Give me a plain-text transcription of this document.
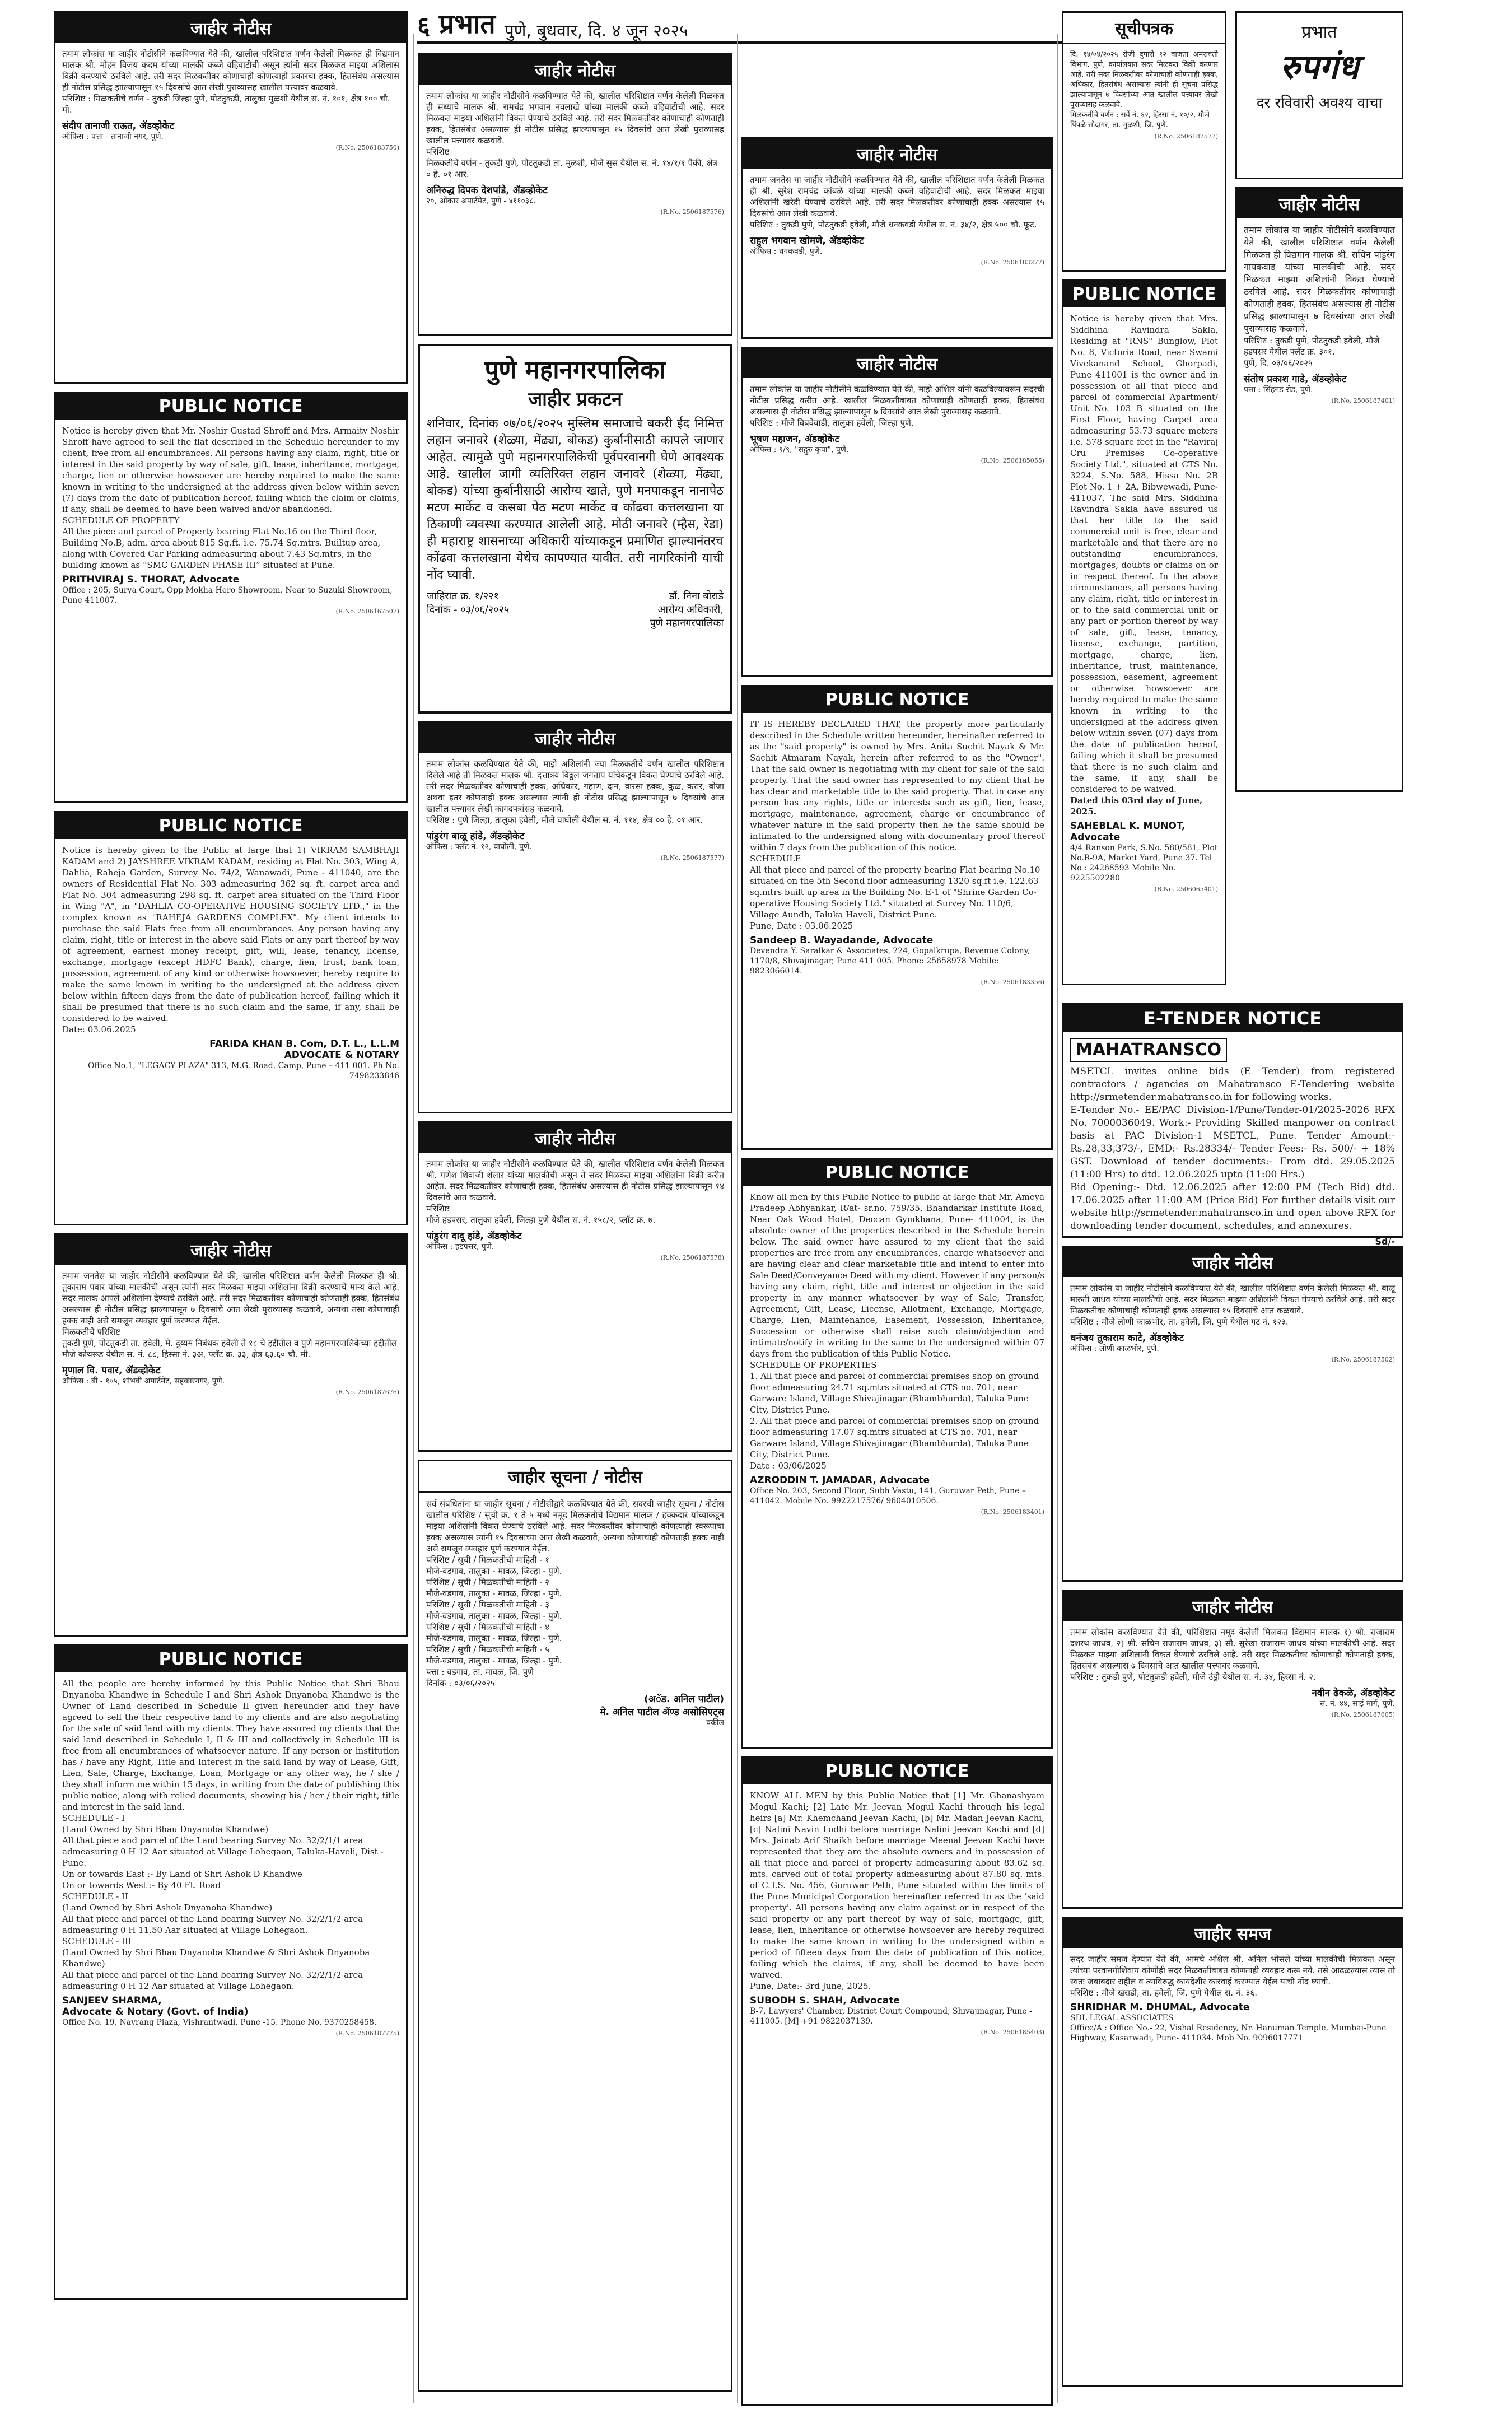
६ प्रभात पुणे, बुधवार, दि. ४ जून २०२५
जाहीर नोटीस
तमाम लोकांस या जाहीर नोटीसीने कळविण्यात येते की, खालील परिशिष्टात वर्णन केलेली मिळकत ही विद्यमान मालक श्री. मोहन विजय कदम यांच्या मालकी कब्जे वहिवाटीची असून त्यांनी सदर मिळकत माझ्या अशिलास विक्री करण्याचे ठरविले आहे. तरी सदर मिळकतीवर कोणाचाही कोणत्याही प्रकारचा हक्क, हितसंबंध असल्यास ही नोटीस प्रसिद्ध झाल्यापासून १५ दिवसांचे आत लेखी पुराव्यासह खालील पत्त्यावर कळवावे.
परिशिष्ट : मिळकतीचे वर्णन - तुकडी जिल्हा पुणे, पोटतुकडी, तालुका मुळशी येथील स. नं. १०१, क्षेत्र १०० चौ. मी.
संदीप तानाजी राऊत, ॲडव्होकेट
ऑफिस : पत्ता - तानाजी नगर, पुणे.
(R.No. 2506183750)
PUBLIC NOTICE
Notice is hereby given that Mr. Noshir Gustad Shroff and Mrs. Armaity Noshir Shroff have agreed to sell the flat described in the Schedule hereunder to my client, free from all encumbrances. All persons having any claim, right, title or interest in the said property by way of sale, gift, lease, inheritance, mortgage, charge, lien or otherwise howsoever are hereby required to make the same known in writing to the undersigned at the address given below within seven (7) days from the date of publication hereof, failing which the claim or claims, if any, shall be deemed to have been waived and/or abandoned.
SCHEDULE OF PROPERTY
All the piece and parcel of Property bearing Flat No.16 on the Third floor, Building No.B, adm. area about 815 Sq.ft. i.e. 75.74 Sq.mtrs. Builtup area, along with Covered Car Parking admeasuring about 7.43 Sq.mtrs, in the building known as “SMC GARDEN PHASE III” situated at Pune.
PRITHVIRAJ S. THORAT, Advocate
Office : 205, Surya Court, Opp Mokha Hero Showroom, Near to Suzuki Showroom, Pune 411007.
(R.No. 2506167507)
PUBLIC NOTICE
Notice is hereby given to the Public at large that 1) VIKRAM SAMBHAJI KADAM and 2) JAYSHREE VIKRAM KADAM, residing at Flat No. 303, Wing A, Dahlia, Raheja Garden, Survey No. 74/2, Wanawadi, Pune - 411040, are the owners of Residential Flat No. 303 admeasuring 362 sq. ft. carpet area and Flat No. 304 admeasuring 298 sq. ft. carpet area situated on the Third Floor in Wing "A", in "DAHLIA CO-OPERATIVE HOUSING SOCIETY LTD.," in the complex known as "RAHEJA GARDENS COMPLEX". My client intends to purchase the said Flats free from all encumbrances. Any person having any claim, right, title or interest in the above said Flats or any part thereof by way of agreement, earnest money receipt, gift, will, lease, tenancy, license, exchange, mortgage (except HDFC Bank), charge, lien, trust, bank loan, possession, agreement of any kind or otherwise howsoever, hereby require to make the same known in writing to the undersigned at the address given below within fifteen days from the date of publication hereof, failing which it shall be presumed that there is no such claim and the same, if any, shall be considered to be waived.
Date: 03.06.2025
FARIDA KHAN B. Com, D.T. L., L.L.M
ADVOCATE & NOTARY
Office No.1, "LEGACY PLAZA" 313, M.G. Road, Camp, Pune – 411 001. Ph No. 7498233846
जाहीर नोटीस
तमाम जनतेस या जाहीर नोटीसीने कळविण्यात येते की, खालील परिशिष्टात वर्णन केलेली मिळकत ही श्री. तुकाराम पवार यांच्या मालकीची असून त्यांनी सदर मिळकत माझ्या अशिलांना विक्री करण्याचे मान्य केले आहे. सदर मालक आपले अशिलांना देण्याचे ठरविले आहे. तरी सदर मिळकतीवर कोणाचाही कोणताही हक्क, हितसंबंध असल्यास ही नोटीस प्रसिद्ध झाल्यापासून ७ दिवसांचे आत लेखी पुराव्यासह कळवावे, अन्यथा तसा कोणाचाही हक्क नाही असे समजून व्यवहार पूर्ण करण्यात येईल.
मिळकतीचे परिशिष्ट
तुकडी पुणे, पोटतुकडी ता. हवेली, मे. दुय्यम निबंधक हवेली ते १८ चे हद्दीतील व पुणे महानगरपालिकेच्या हद्दीतील मौजे कोथरूड येथील स. नं. ८८, हिस्सा नं. ३अ, फ्लॅट क्र. ३३, क्षेत्र ६३.६० चौ. मी.
मृणाल वि. पवार, ॲडव्होकेट
ऑफिस : बी - १०५, शांभवी अपार्टमेंट, सहकारनगर, पुणे.
(R.No. 2506187676)
PUBLIC NOTICE
All the people are hereby informed by this Public Notice that Shri Bhau Dnyanoba Khandwe in Schedule I and Shri Ashok Dnyanoba Khandwe is the Owner of Land described in Schedule II given hereunder and they have agreed to sell the their respective land to my clients and are also negotiating for the sale of said land with my clients. They have assured my clients that the said land described in Schedule I, II & III and collectively in Schedule III is free from all encumbrances of whatsoever nature. If any person or institution has / have any Right, Title and Interest in the said land by way of Lease, Gift, Lien, Sale, Charge, Exchange, Loan, Mortgage or any other way, he / she / they shall inform me within 15 days, in writing from the date of publishing this public notice, along with relied documents, showing his / her / their right, title and interest in the said land.
SCHEDULE - I
(Land Owned by Shri Bhau Dnyanoba Khandwe)
All that piece and parcel of the Land bearing Survey No. 32/2/1/1 area admeasuring 0 H 12 Aar situated at Village Lohegaon, Taluka-Haveli, Dist - Pune.
On or towards East :- By Land of Shri Ashok D Khandwe
On or towards West :- By 40 Ft. Road
SCHEDULE - II
(Land Owned by Shri Ashok Dnyanoba Khandwe)
All that piece and parcel of the Land bearing Survey No. 32/2/1/2 area admeasuring 0 H 11.50 Aar situated at Village Lohegaon.
SCHEDULE - III
(Land Owned by Shri Bhau Dnyanoba Khandwe & Shri Ashok Dnyanoba Khandwe)
All that piece and parcel of the Land bearing Survey No. 32/2/1/2 area admeasuring 0 H 12 Aar situated at Village Lohegaon.
SANJEEV SHARMA,
Advocate & Notary (Govt. of India)
Office No. 19, Navrang Plaza, Vishrantwadi, Pune -15. Phone No. 9370258458.
(R.No. 2506187775)
जाहीर नोटीस
तमाम लोकांस या जाहीर नोटीसीने कळविण्यात येते की, खालील परिशिष्टात वर्णन केलेली मिळकत ही सध्याचे मालक श्री. रामचंद्र भगवान नवलाखे यांच्या मालकी कब्जे वहिवाटीची आहे. सदर मिळकत माझ्या अशिलांनी विकत घेण्याचे ठरविले आहे. तरी सदर मिळकतीवर कोणाचाही कोणताही हक्क, हितसंबंध असल्यास ही नोटीस प्रसिद्ध झाल्यापासून १५ दिवसांचे आत लेखी पुराव्यासह खालील पत्त्यावर कळवावे.
परिशिष्ट
मिळकतीचे वर्णन - तुकडी पुणे, पोटतुकडी ता. मुळशी, मौजे सुस येथील स. नं. १४/१/१ पैकी, क्षेत्र ० हे. ०१ आर.
अनिरुद्ध दिपक देशपांडे, ॲडव्होकेट
२०, ओंकार अपार्टमेंट, पुणे - ४११०३८.
(R.No. 2506187576)
पुणे महानगरपालिका
जाहीर प्रकटन
शनिवार, दिनांक ०७/०६/२०२५ मुस्लिम समाजाचे बकरी ईद निमित्त लहान जनावरे (शेळ्या, मेंढ्या, बोकड) कुर्बानीसाठी कापले जाणार आहेत. त्यामुळे पुणे महानगरपालिकेची पूर्वपरवानगी घेणे आवश्यक आहे. खालील जागी व्यतिरिक्त लहान जनावरे (शेळ्या, मेंढ्या, बोकड) यांच्या कुर्बानीसाठी आरोग्य खाते, पुणे मनपाकडून नानापेठ मटण मार्केट व कसबा पेठ मटण मार्केट व कोंढवा कत्तलखाना या ठिकाणी व्यवस्था करण्यात आलेली आहे. मोठी जनावरे (म्हैस, रेडा) ही महाराष्ट्र शासनाच्या अधिकारी यांच्याकडून प्रमाणित झाल्यानंतरच कोंढवा कत्तलखाना येथेच कापण्यात यावीत. तरी नागरिकांनी याची नोंद घ्यावी.
जाहिरात क्र. १/२२१
दिनांक - ०३/०६/२०२५
डॉ. निना बोराडे
आरोग्य अधिकारी,
पुणे महानगरपालिका
जाहीर नोटीस
तमाम लोकांस कळविण्यात येते की, माझे अशिलांनी ज्या मिळकतीचे वर्णन खालील परिशिष्टात दिलेले आहे ती मिळकत मालक श्री. दत्तात्रय विठ्ठल जगताप यांचेकडून विकत घेण्याचे ठरविले आहे. तरी सदर मिळकतीवर कोणाचाही हक्क, अधिकार, गहाण, दान, वारसा हक्क, कुळ, करार, बोजा अथवा इतर कोणताही हक्क असल्यास त्यांनी ही नोटीस प्रसिद्ध झाल्यापासून ७ दिवसांचे आत खालील पत्त्यावर लेखी कागदपत्रांसह कळवावे.
परिशिष्ट : पुणे जिल्हा, तालुका हवेली, मौजे वाघोली येथील स. नं. ११४, क्षेत्र ०० हे. ०१ आर.
पांडुरंग बाळू हांडे, ॲडव्होकेट
ऑफिस : फ्लॅट नं. १२, वाघोली, पुणे.
(R.No. 2506187577)
जाहीर नोटीस
तमाम लोकांस या जाहीर नोटीसीने कळविण्यात येते की, खालील परिशिष्टात वर्णन केलेली मिळकत श्री. गणेश शिवाजी शेलार यांच्या मालकीची असून ते सदर मिळकत माझ्या अशिलांना विक्री करीत आहेत. सदर मिळकतीवर कोणाचाही हक्क, हितसंबंध असल्यास ही नोटीस प्रसिद्ध झाल्यापासून १४ दिवसांचे आत कळवावे.
परिशिष्ट
मौजे हडपसर, तालुका हवेली, जिल्हा पुणे येथील स. नं. १५८/२, प्लॉट क्र. ७.
पांडुरंग दादू हांडे, ॲडव्होकेट
ऑफिस : हडपसर, पुणे.
(R.No. 2506187578)
जाहीर सूचना / नोटीस
सर्व संबंधितांना या जाहीर सूचना / नोटीसीद्वारे कळविण्यात येते की, सदरची जाहीर सूचना / नोटीस खालील परिशिष्ट / सूची क्र. १ ते ५ मध्ये नमूद मिळकतीचे विद्यमान मालक / हक्कदार यांच्याकडून माझ्या अशिलांनी विकत घेण्याचे ठरविले आहे. सदर मिळकतीवर कोणाचाही कोणत्याही स्वरूपाचा हक्क असल्यास त्यांनी १५ दिवसांच्या आत लेखी कळवावे, अन्यथा कोणाचाही कोणताही हक्क नाही असे समजून व्यवहार पूर्ण करण्यात येईल.
परिशिष्ट / सूची / मिळकतीची माहिती - १
मौजे-वडगाव, तालुका - मावळ, जिल्हा - पुणे.
परिशिष्ट / सूची / मिळकतीची माहिती - २
मौजे-वडगाव, तालुका - मावळ, जिल्हा - पुणे.
परिशिष्ट / सूची / मिळकतीची माहिती - ३
मौजे-वडगाव, तालुका - मावळ, जिल्हा - पुणे.
परिशिष्ट / सूची / मिळकतीची माहिती - ४
मौजे-वडगाव, तालुका - मावळ, जिल्हा - पुणे.
परिशिष्ट / सूची / मिळकतीची माहिती - ५
मौजे-वडगाव, तालुका - मावळ, जिल्हा - पुणे.
पत्ता : वडगाव, ता. मावळ, जि. पुणे
दिनांक : ०३/०६/२०२५
(अॅड. अनिल पाटील)
मे. अनिल पाटील ॲण्ड असोसिएट्स
वकील
जाहीर नोटीस
तमाम जनतेस या जाहीर नोटीसीने कळविण्यात येते की, खालील परिशिष्टात वर्णन केलेली मिळकत ही श्री. सुरेश रामचंद्र कांबळे यांच्या मालकी कब्जे वहिवाटीची आहे. सदर मिळकत माझ्या अशिलांनी खरेदी घेण्याचे ठरविले आहे. तरी सदर मिळकतीवर कोणाचाही हक्क असल्यास १५ दिवसांचे आत लेखी कळवावे.
परिशिष्ट : तुकडी पुणे, पोटतुकडी हवेली, मौजे धनकवडी येथील स. नं. ३४/२, क्षेत्र ५०० चौ. फूट.
राहुल भगवान खोमणे, ॲडव्होकेट
ऑफिस : धनकवडी, पुणे.
(R.No. 2506183277)
जाहीर नोटीस
तमाम लोकांस या जाहीर नोटीसीने कळविण्यात येते की, माझे अशिल यांनी कळविल्यावरून सदरची नोटीस प्रसिद्ध करीत आहे. खालील मिळकतीबाबत कोणाचाही कोणताही हक्क, हितसंबंध असल्यास ही नोटीस प्रसिद्ध झाल्यापासून ७ दिवसांचे आत लेखी पुराव्यासह कळवावे.
परिशिष्ट : मौजे बिबवेवाडी, तालुका हवेली, जिल्हा पुणे.
भूषण महाजन, ॲडव्होकेट
ऑफिस : ९/९, "सद्गुरु कृपा", पुणे.
(R.No. 2506185055)
PUBLIC NOTICE
IT IS HEREBY DECLARED THAT, the property more particularly described in the Schedule written hereunder, hereinafter referred to as the "said property" is owned by Mrs. Anita Suchit Nayak & Mr. Sachit Atmaram Nayak, herein after referred to as the "Owner". That the said owner is negotiating with my client for sale of the said property. That the said owner has represented to my client that he has clear and marketable title to the said property. That in case any person has any rights, title or interests such as gift, lien, lease, mortgage, maintenance, agreement, charge or encumbrance of whatever nature in the said property then he the same should be intimated to the undersigned along with documentary proof thereof within 7 days from the publication of this notice.
SCHEDULE
All that piece and parcel of the property bearing Flat bearing No.10 situated on the 5th Second floor admeasuring 1320 sq.ft i.e. 122.63 sq.mtrs built up area in the Building No. E-1 of "Shrine Garden Co-operative Housing Society Ltd." situated at Survey No. 110/6, Village Aundh, Taluka Haveli, District Pune.
Pune, Date : 03.06.2025
Sandeep B. Wayadande, Advocate
Devendra Y. Saralkar & Associates, 224, Gopalkrupa, Revenue Colony, 1170/8, Shivajinagar, Pune 411 005. Phone: 25658978 Mobile: 9823066014.
(R.No. 2506183356)
PUBLIC NOTICE
Know all men by this Public Notice to public at large that Mr. Ameya Pradeep Abhyankar, R/at- sr.no. 759/35, Bhandarkar Institute Road, Near Oak Wood Hotel, Deccan Gymkhana, Pune- 411004, is the absolute owner of the properties described in the Schedule herein below. The said owner have assured to my client that the said properties are free from any encumbrances, charge whatsoever and are having clear and clear marketable title and intend to enter into Sale Deed/Conveyance Deed with my client. However if any person/s having any claim, right, title and interest or objection in the said property in any manner whatsoever by way of Sale, Transfer, Agreement, Gift, Lease, License, Allotment, Exchange, Mortgage, Charge, Lien, Maintenance, Easement, Possession, Inheritance, Succession or otherwise shall raise such claim/objection and intimate/notify in writing to the same to the undersigned within 07 days from the publication of this Public Notice.
SCHEDULE OF PROPERTIES
1. All that piece and parcel of commercial premises shop on ground floor admeasuring 24.71 sq.mtrs situated at CTS no. 701, near Garware Island, Village Shivajinagar (Bhambhurda), Taluka Pune City, District Pune.
2. All that piece and parcel of commercial premises shop on ground floor admeasuring 17.07 sq.mtrs situated at CTS no. 701, near Garware Island, Village Shivajinagar (Bhambhurda), Taluka Pune City, District Pune.
Date : 03/06/2025
AZRODDIN T. JAMADAR, Advocate
Office No. 203, Second Floor, Subh Vastu, 141, Guruwar Peth, Pune – 411042. Mobile No. 9922217576/ 9604010506.
(R.No. 2506183401)
PUBLIC NOTICE
KNOW ALL MEN by this Public Notice that [1] Mr. Ghanashyam Mogul Kachi; [2] Late Mr. Jeevan Mogul Kachi through his legal heirs [a] Mr. Khemchand Jeevan Kachi, [b] Mr. Madan Jeevan Kachi, [c] Nalini Navin Lodhi before marriage Nalini Jeevan Kachi and [d] Mrs. Jainab Arif Shaikh before marriage Meenal Jeevan Kachi have represented that they are the absolute owners and in possession of all that piece and parcel of property admeasuring about 83.62 sq. mts. carved out of total property admeasuring about 87.80 sq. mts. of C.T.S. No. 456, Guruwar Peth, Pune situated within the limits of the Pune Municipal Corporation hereinafter referred to as the 'said property'. All persons having any claim against or in respect of the said property or any part thereof by way of sale, mortgage, gift, lease, lien, inheritance or otherwise howsoever are hereby required to make the same known in writing to the undersigned within a period of fifteen days from the date of publication of this notice, failing which the claims, if any, shall be deemed to have been waived.
Pune, Date:- 3rd June, 2025.
SUBODH S. SHAH, Advocate
B-7, Lawyers' Chamber, District Court Compound, Shivajinagar, Pune - 411005. [M] +91 9822037139.
(R.No. 2506185403)
सूचीपत्रक
दि. १४/०४/२०२५ रोजी दुपारी १२ वाजता अमरावती विभाग, पुणे, कार्यालयात सदर मिळकत विक्री करणार आहे. तरी सदर मिळकतीवर कोणाचाही कोणताही हक्क, अधिकार, हितसंबंध असल्यास त्यांनी ही सूचना प्रसिद्ध झाल्यापासून ७ दिवसांच्या आत खालील पत्त्यावर लेखी पुराव्यासह कळवावे.
मिळकतीचे वर्णन : सर्वे नं. ६२, हिस्सा नं. १०/२, मौजे पिंपळे सौदागर, ता. मुळशी, जि. पुणे.
(R.No. 2506187577)
PUBLIC NOTICE
Notice is hereby given that Mrs. Siddhina Ravindra Sakla, Residing at "RNS" Bunglow, Plot No. 8, Victoria Road, near Swami Vivekanand School, Ghorpadi, Pune 411001 is the owner and in possession of all that piece and parcel of commercial Apartment/ Unit No. 103 B situated on the First Floor, having Carpet area admeasuring 53.73 square meters i.e. 578 square feet in the "Raviraj Cru Premises Co-operative Society Ltd.", situated at CTS No. 3224, S.No. 588, Hissa No. 2B Plot No. 1 + 2A, Bibwewadi, Pune- 411037. The said Mrs. Siddhina Ravindra Sakla have assured us that her title to the said commercial unit is free, clear and marketable and that there are no outstanding encumbrances, mortgages, doubts or claims on or in respect thereof. In the above circumstances, all persons having any claim, right, title or interest in or to the said commercial unit or any part or portion thereof by way of sale, gift, lease, tenancy, license, exchange, partition, mortgage, charge, lien, inheritance, trust, maintenance, possession, easement, agreement or otherwise howsoever are hereby required to make the same known in writing to the undersigned at the address given below within seven (07) days from the date of publication hereof, failing which it shall be presumed that there is no such claim and the same, if any, shall be considered to be waived.
Dated this 03rd day of June, 2025.
SAHEBLAL K. MUNOT, Advocate
4/4 Ranson Park, S.No. 580/581, Plot No.R-9A, Market Yard, Pune 37. Tel No : 24268593 Mobile No. 9225502280
(R.No. 2506065401)
प्रभात
रुपगंध
दर रविवारी अवश्य वाचा
जाहीर नोटीस
तमाम लोकांस या जाहीर नोटीसीने कळविण्यात येते की, खालील परिशिष्टात वर्णन केलेली मिळकत ही विद्यमान मालक श्री. सचिन पांडुरंग गायकवाड यांच्या मालकीची आहे. सदर मिळकत माझ्या अशिलांनी विकत घेण्याचे ठरविले आहे. सदर मिळकतीवर कोणाचाही कोणताही हक्क, हितसंबंध असल्यास ही नोटीस प्रसिद्ध झाल्यापासून ७ दिवसांच्या आत लेखी पुराव्यासह कळवावे.
परिशिष्ट : तुकडी पुणे, पोटतुकडी हवेली, मौजे हडपसर येथील फ्लॅट क्र. ३०१.
पुणे, दि. ०३/०६/२०२५
संतोष प्रकाश गाडे, ॲडव्होकेट
पत्ता : सिंहगड रोड, पुणे.
(R.No. 2506187401)
E-TENDER NOTICE
MAHATRANSCO
MSETCL invites online bids (E Tender) from registered contractors / agencies on Mahatransco E-Tendering website http://srmetender.mahatransco.in for following works.
E-Tender No.- EE/PAC Division-1/Pune/Tender-01/2025-2026 RFX No. 7000036049. Work:- Providing Skilled manpower on contract basis at PAC Division-1 MSETCL, Pune. Tender Amount:- Rs.28,33,373/-, EMD:- Rs.28334/- Tender Fees:- Rs. 500/- + 18% GST. Download of tender documents:- From dtd. 29.05.2025 (11:00 Hrs) to dtd. 12.06.2025 upto (11:00 Hrs.)
Bid Opening:- Dtd. 12.06.2025 after 12:00 PM (Tech Bid) dtd. 17.06.2025 after 11:00 AM (Price Bid) For further details visit our website http://srmetender.mahatransco.in and open above RFX for downloading tender document, schedules, and annexures.
Sd/-
Executive Engineer
Division-1, MSETCL, Pune.
जाहीर नोटीस
तमाम लोकांस या जाहीर नोटीसीने कळविण्यात येते की, खालील परिशिष्टात वर्णन केलेली मिळकत श्री. बाळू मारुती जाधव यांच्या मालकीची आहे. सदर मिळकत माझ्या अशिलांनी विकत घेण्याचे ठरविले आहे. तरी सदर मिळकतीवर कोणाचाही कोणताही हक्क असल्यास १५ दिवसांचे आत कळवावे.
परिशिष्ट : मौजे लोणी काळभोर, ता. हवेली, जि. पुणे येथील गट नं. १२३.
धनंजय तुकाराम काटे, ॲडव्होकेट
ऑफिस : लोणी काळभोर, पुणे.
(R.No. 2506187502)
जाहीर नोटीस
तमाम लोकांस कळविण्यात येते की, परिशिष्टात नमूद केलेली मिळकत विद्यमान मालक १) श्री. राजाराम दशरथ जाधव, २) श्री. सचिन राजाराम जाधव, ३) सौ. सुरेखा राजाराम जाधव यांच्या मालकीची आहे. सदर मिळकत माझ्या अशिलांनी विकत घेण्याचे ठरविले आहे. तरी सदर मिळकतीवर कोणाचाही कोणताही हक्क, हितसंबंध असल्यास ७ दिवसांचे आत खालील पत्त्यावर कळवावे.
परिशिष्ट : तुकडी पुणे, पोटतुकडी हवेली, मौजे उंड्री येथील स. नं. ३४, हिस्सा नं. २.
नवीन ढेकळे, ॲडव्होकेट
स. नं. ४४, साई मार्ग, पुणे.
(R.No. 2506187605)
जाहीर समज
सदर जाहीर समज देण्यात येते की, आमचे अशिल श्री. अनिल भोसले यांच्या मालकीची मिळकत असून त्यांच्या परवानगीशिवाय कोणीही सदर मिळकतीबाबत कोणताही व्यवहार करू नये. तसे आढळल्यास त्यास तो स्वतः जबाबदार राहील व त्याविरुद्ध कायदेशीर कारवाई करण्यात येईल याची नोंद घ्यावी.
परिशिष्ट : मौजे खराडी, ता. हवेली, जि. पुणे येथील स. नं. ३६.
SHRIDHAR M. DHUMAL, Advocate
SDL LEGAL ASSOCIATES
Office/A : Office No.- 22, Vishal Residency, Nr. Hanuman Temple, Mumbai-Pune Highway, Kasarwadi, Pune- 411034. Mob No. 9096017771
